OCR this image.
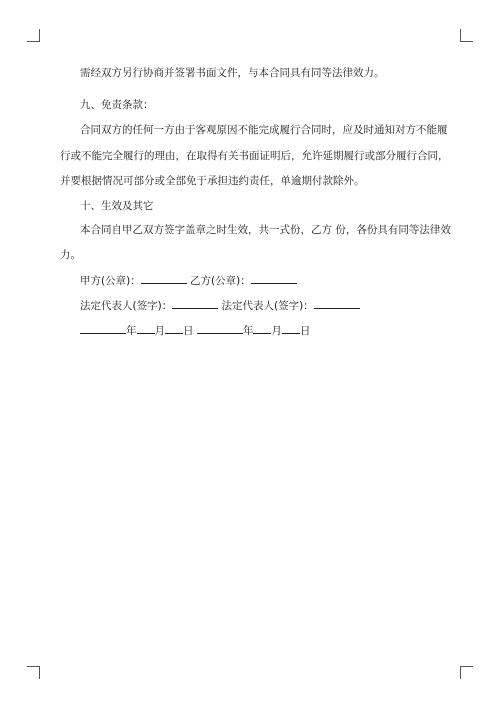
需经双方另行协商并签署书面文件，与本合同具有同等法律效力。
九、免责条款：
合同双方的任何一方由于客观原因不能完成履行合同时，应及时通知对方不能履
行或不能完全履行的理由，在取得有关书面证明后，允许延期履行或部分履行合同，
并要根据情况可部分或全部免于承担违约责任，单逾期付款除外。
十、生效及其它
本合同自甲乙双方签字盖章之时生效，共一式份，乙方 份，各份具有同等法律效
力。
甲方(公章)：	乙方(公章)：
法定代表人(签字)：	法定代表人(签字)：
年 月 日	年 月 日
